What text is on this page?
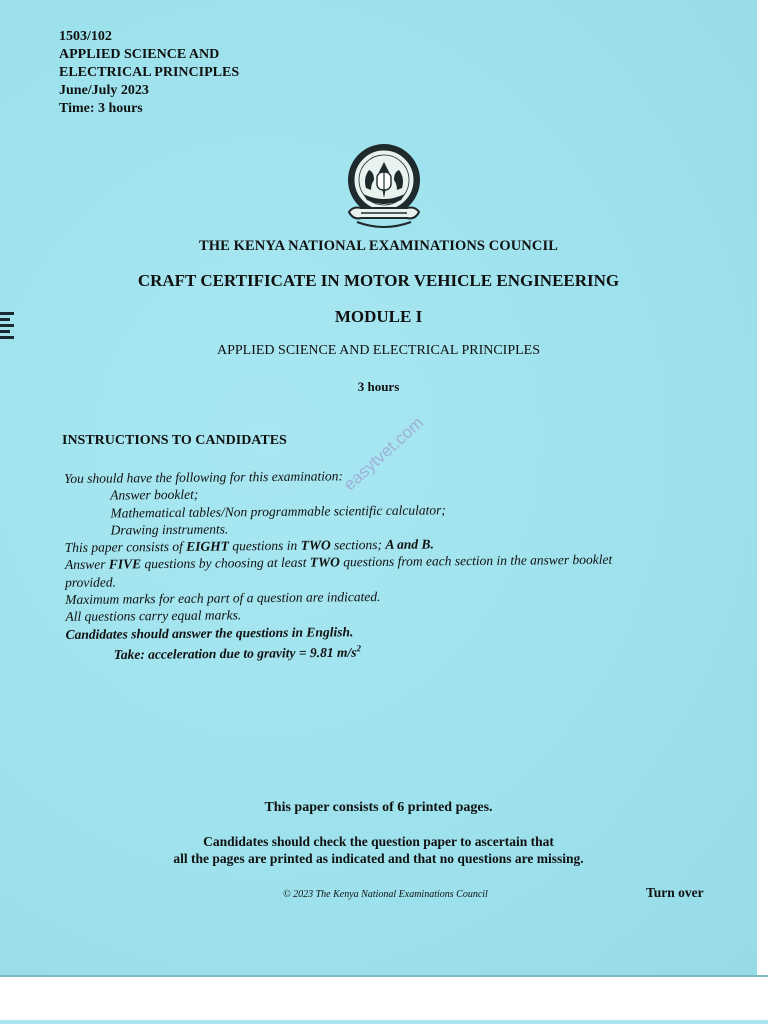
1503/102
APPLIED SCIENCE AND
ELECTRICAL PRINCIPLES
June/July 2023
Time: 3 hours
THE KENYA NATIONAL EXAMINATIONS COUNCIL
CRAFT CERTIFICATE IN MOTOR VEHICLE ENGINEERING
MODULE I
APPLIED SCIENCE AND ELECTRICAL PRINCIPLES
3 hours
INSTRUCTIONS TO CANDIDATES	easytvet.com
You should have the following for this examination:
Answer booklet;
Mathematical tables/Non programmable scientific calculator;
Drawing instruments.
This paper consists of EIGHT questions in TWO sections; A and B.
Answer FIVE questions by choosing at least TWO questions from each section in the answer booklet
provided.
Maximum marks for each part of a question are indicated.
All questions carry equal marks.
Candidates should answer the questions in English.
Take: acceleration due to gravity = 9.81 $m/s^2$
This paper consists of 6 printed pages.
Candidates should check the question paper to ascertain that
all the pages are printed as indicated and that no questions are missing.
© 2023 The Kenya National Examinations Council	Turn over
